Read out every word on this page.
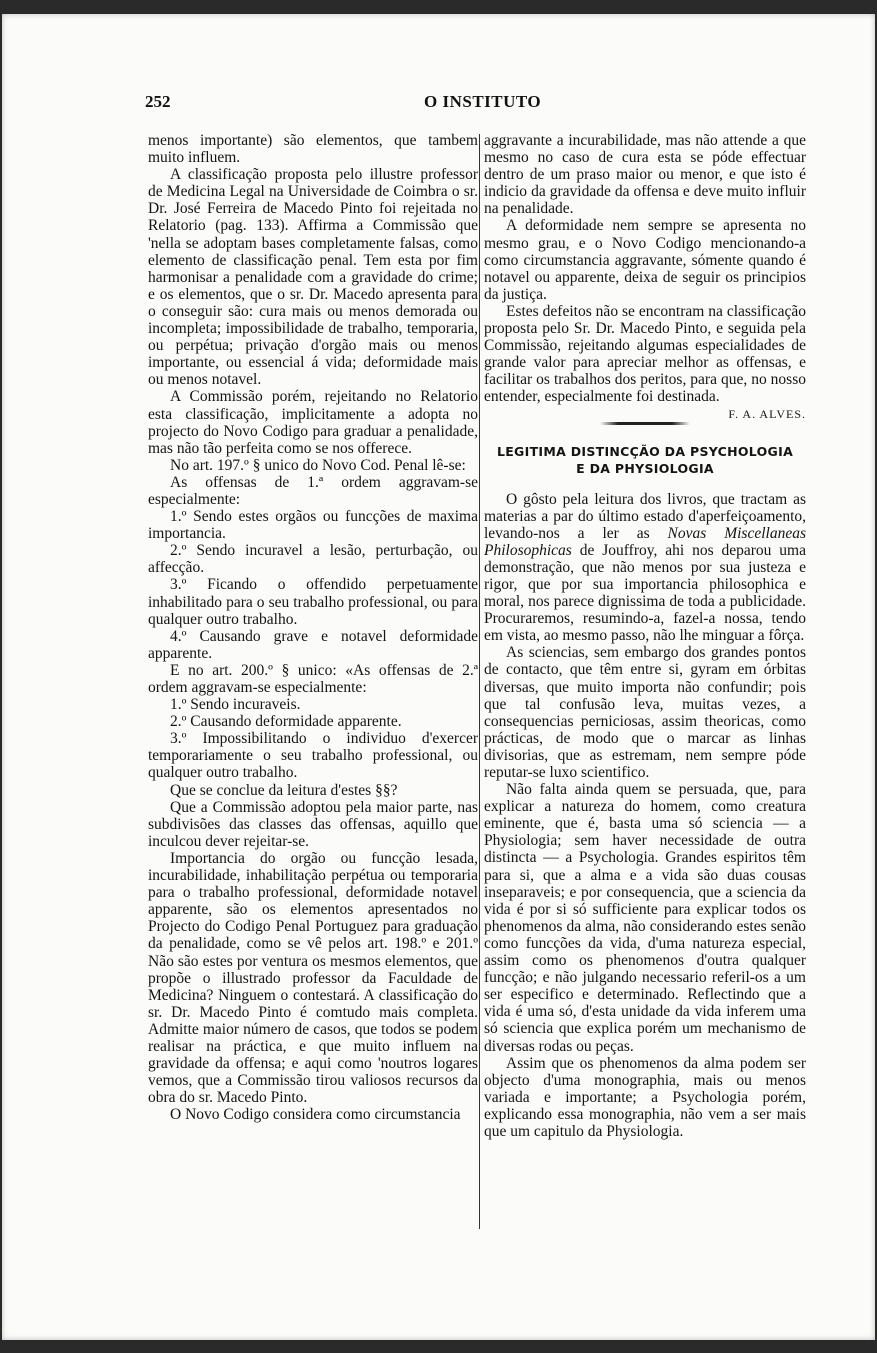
252	O INSTITUTO

menos importante) são elementos, que tambem muito influem.

A classificação proposta pelo illustre professor de Medicina Legal na Universidade de Coimbra o sr. Dr. José Ferreira de Macedo Pinto foi rejeitada no Relatorio (pag. 133). Affirma a Commissão que 'nella se adoptam bases completamente falsas, como elemento de classificação penal. Tem esta por fim harmonisar a penalidade com a gravidade do crime; e os elementos, que o sr. Dr. Macedo apresenta para o conseguir são: cura mais ou menos demorada ou incompleta; impossibilidade de trabalho, temporaria, ou perpétua; privação d'orgão mais ou menos importante, ou essencial á vida; deformidade mais ou menos notavel.

A Commissão porém, rejeitando no Relatorio esta classificação, implicitamente a adopta no projecto do Novo Codigo para graduar a penalidade, mas não tão perfeita como se nos offerece.

No art. 197.º § unico do Novo Cod. Penal lê-se:

As offensas de 1.ª ordem aggravam-se especialmente:

1.º Sendo estes orgãos ou funcções de maxima importancia.

2.º Sendo incuravel a lesão, perturbação, ou affecção.

3.º Ficando o offendido perpetuamente inhabilitado para o seu trabalho professional, ou para qualquer outro trabalho.

4.º Causando grave e notavel deformidade apparente.

E no art. 200.º § unico: «As offensas de 2.ª ordem aggravam-se especialmente:

1.º Sendo incuraveis.

2.º Causando deformidade apparente.

3.º Impossibilitando o individuo d'exercer temporariamente o seu trabalho professional, ou qualquer outro trabalho.

Que se conclue da leitura d'estes §§?

Que a Commissão adoptou pela maior parte, nas subdivisões das classes das offensas, aquillo que inculcou dever rejeitar-se.

Importancia do orgão ou funcção lesada, incurabilidade, inhabilitação perpétua ou temporaria para o trabalho professional, deformidade notavel apparente, são os elementos apresentados no Projecto do Codigo Penal Portuguez para graduação da penalidade, como se vê pelos art. 198.º e 201.º Não são estes por ventura os mesmos elementos, que propõe o illustrado professor da Faculdade de Medicina? Ninguem o contestará. A classificação do sr. Dr. Macedo Pinto é comtudo mais completa. Admitte maior número de casos, que todos se podem realisar na práctica, e que muito influem na gravidade da offensa; e aqui como 'noutros logares vemos, que a Commissão tirou valiosos recursos da obra do sr. Macedo Pinto.

O Novo Codigo considera como circumstancia

aggravante a incurabilidade, mas não attende a que mesmo no caso de cura esta se póde effectuar dentro de um praso maior ou menor, e que isto é indicio da gravidade da offensa e deve muito influir na penalidade.

A deformidade nem sempre se apresenta no mesmo grau, e o Novo Codigo mencionando-a como circumstancia aggravante, sómente quando é notavel ou apparente, deixa de seguir os principios da justiça.

Estes defeitos não se encontram na classificação proposta pelo Sr. Dr. Macedo Pinto, e seguida pela Commissão, rejeitando algumas especialidades de grande valor para apreciar melhor as offensas, e facilitar os trabalhos dos peritos, para que, no nosso entender, especialmente foi destinada.
F. A. ALVES.

LEGITIMA DISTINCÇÃO DA PSYCHOLOGIA
E DA PHYSIOLOGIA

O gôsto pela leitura dos livros, que tractam as materias a par do último estado d'aperfeiçoamento, levando-nos a ler as Novas Miscellaneas Philosophicas de Jouffroy, ahi nos deparou uma demonstração, que não menos por sua justeza e rigor, que por sua importancia philosophica e moral, nos parece dignissima de toda a publicidade. Procuraremos, resumindo-a, fazel-a nossa, tendo em vista, ao mesmo passo, não lhe minguar a fôrça.

As sciencias, sem embargo dos grandes pontos de contacto, que têm entre si, gyram em órbitas diversas, que muito importa não confundir; pois que tal confusão leva, muitas vezes, a consequencias perniciosas, assim theoricas, como prácticas, de modo que o marcar as linhas divisorias, que as estremam, nem sempre póde reputar-se luxo scientifico.

Não falta ainda quem se persuada, que, para explicar a natureza do homem, como creatura eminente, que é, basta uma só sciencia — a Physiologia; sem haver necessidade de outra distincta — a Psychologia. Grandes espiritos têm para si, que a alma e a vida são duas cousas inseparaveis; e por consequencia, que a sciencia da vida é por si só sufficiente para explicar todos os phenomenos da alma, não considerando estes senão como funcções da vida, d'uma natureza especial, assim como os phenomenos d'outra qualquer funcção; e não julgando necessario referil-os a um ser especifico e determinado. Reflectindo que a vida é uma só, d'esta unidade da vida inferem uma só sciencia que explica porém um mechanismo de diversas rodas ou peças.

Assim que os phenomenos da alma podem ser objecto d'uma monographia, mais ou menos variada e importante; a Psychologia porém, explicando essa monographia, não vem a ser mais que um capitulo da Physiologia.
